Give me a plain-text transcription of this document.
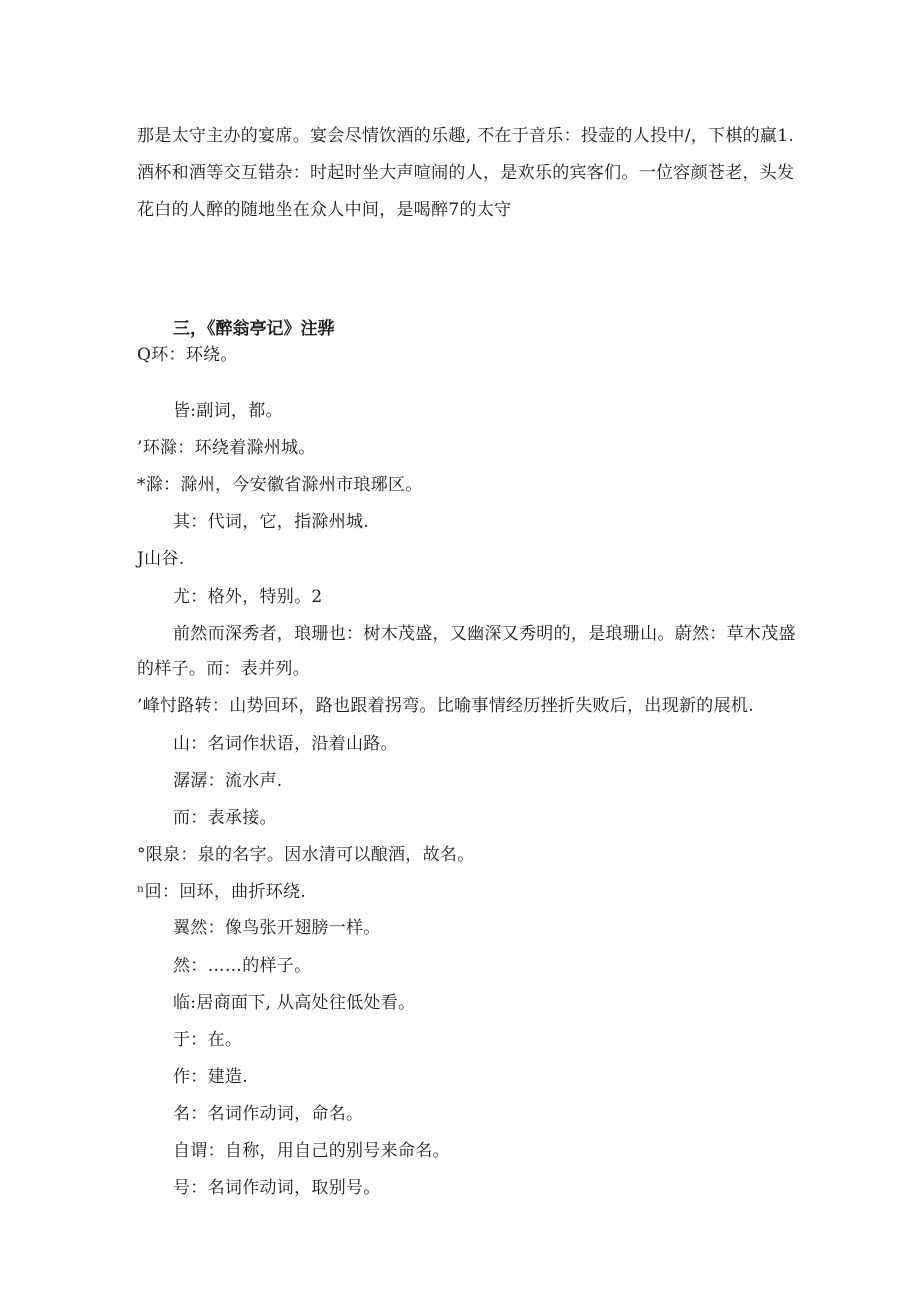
那是太守主办的宴席。宴会尽情饮酒的乐趣, 不在于音乐：投壶的人投中/，下棋的赢1.

酒杯和酒等交互错杂：时起时坐大声喧闹的人，是欢乐的宾客们。一位容颜苍老，头发

花白的人醉的随地坐在众人中间，是喝醉7的太守

三，《醉翁亭记》注骅
Q环：环绕。
皆:副词，都。
’环滁：环绕着滁州城。
*滁：滁州，今安徽省滁州市琅琊区。
其：代词，它，指滁州城.
J山谷.
尤：格外，特别。2
前然而深秀者，琅珊也：树木茂盛，又幽深又秀明的，是琅珊山。蔚然：草木茂盛
的样子。而：表并列。
’峰忖路转：山势回环，路也跟着拐弯。比喻事情经历挫折失败后，出现新的展机.
山：名词作状语，沿着山路。
潺潺：流水声.
而：表承接。
°限泉：泉的名字。因水清可以酿酒，故名。
ⁿ回：回环，曲折环绕.
翼然：像鸟张开翅膀一样。
然：……的样子。
临:居商面下, 从高处往低处看。
于：在。
作：建造.
名：名词作动词，命名。
自谓：自称，用自己的别号来命名。
号：名词作动词，取别号。
